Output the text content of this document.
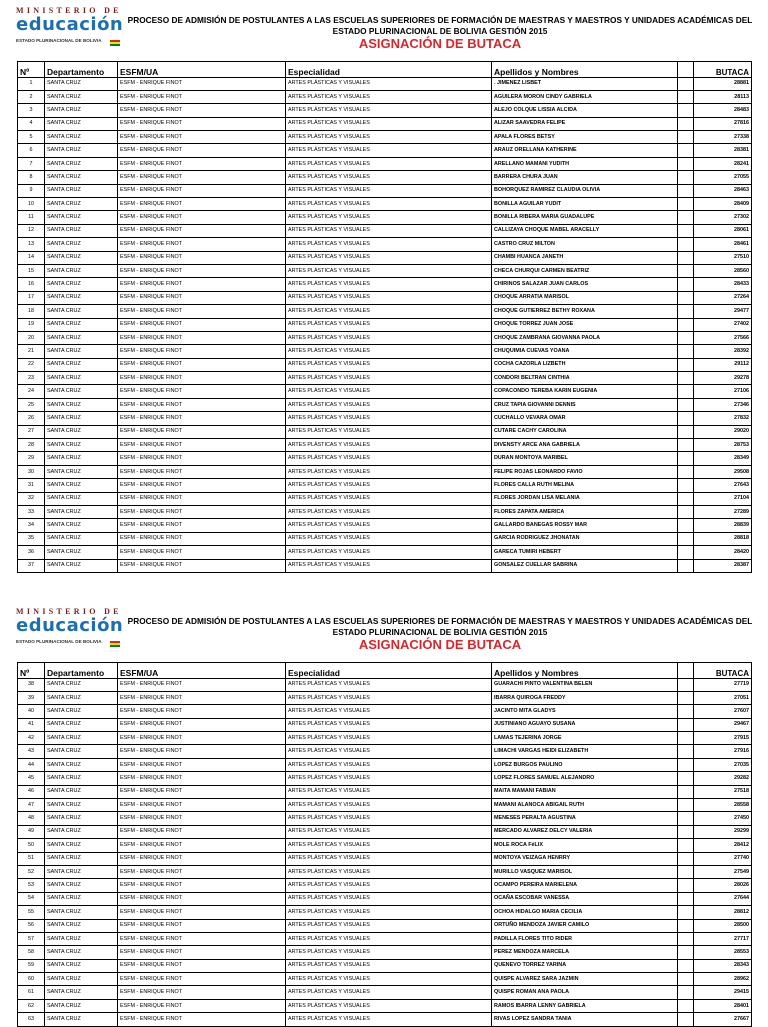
MINISTERIO DE
educación
ESTADO PLURINACIONAL DE BOLIVIA
PROCESO DE ADMISIÓN DE POSTULANTES A LAS ESCUELAS SUPERIORES DE FORMACIÓN DE MAESTRAS Y MAESTROS Y UNIDADES ACADÉMICAS DEL ESTADO PLURINACIONAL DE BOLIVIA GESTIÓN 2015
ASIGNACIÓN DE BUTACA
Nº	Departamento	ESFM/UA	Especialidad	Apellidos y Nombres		BUTACA
1	SANTA CRUZ	ESFM - ENRIQUE FINOT	ARTES PLÁSTICAS Y VISUALES	. JIMENEZ LISBET		28881
2	SANTA CRUZ	ESFM - ENRIQUE FINOT	ARTES PLÁSTICAS Y VISUALES	AGUILERA MORON CINDY GABRIELA		28113
3	SANTA CRUZ	ESFM - ENRIQUE FINOT	ARTES PLÁSTICAS Y VISUALES	ALEJO COLQUE LISSIA ALCIDA		28483
4	SANTA CRUZ	ESFM - ENRIQUE FINOT	ARTES PLÁSTICAS Y VISUALES	ALIZAR SAAVEDRA FELIPE		27816
5	SANTA CRUZ	ESFM - ENRIQUE FINOT	ARTES PLÁSTICAS Y VISUALES	APALA FLORES BETSY		27338
6	SANTA CRUZ	ESFM - ENRIQUE FINOT	ARTES PLÁSTICAS Y VISUALES	ARAUZ ORELLANA KATHERINE		28381
7	SANTA CRUZ	ESFM - ENRIQUE FINOT	ARTES PLÁSTICAS Y VISUALES	ARELLANO MAMANI YUDITH		28241
8	SANTA CRUZ	ESFM - ENRIQUE FINOT	ARTES PLÁSTICAS Y VISUALES	BARRERA CHURA JUAN		27055
9	SANTA CRUZ	ESFM - ENRIQUE FINOT	ARTES PLÁSTICAS Y VISUALES	BOHORQUEZ RAMIREZ CLAUDIA OLIVIA		28463
10	SANTA CRUZ	ESFM - ENRIQUE FINOT	ARTES PLÁSTICAS Y VISUALES	BONILLA AGUILAR YUDIT		28409
11	SANTA CRUZ	ESFM - ENRIQUE FINOT	ARTES PLÁSTICAS Y VISUALES	BONILLA RIBERA MARIA GUADALUPE		27302
12	SANTA CRUZ	ESFM - ENRIQUE FINOT	ARTES PLÁSTICAS Y VISUALES	CALLIZAYA CHOQUE MABEL ARACELLY		28061
13	SANTA CRUZ	ESFM - ENRIQUE FINOT	ARTES PLÁSTICAS Y VISUALES	CASTRO CRUZ MILTON		28461
14	SANTA CRUZ	ESFM - ENRIQUE FINOT	ARTES PLÁSTICAS Y VISUALES	CHAMBI HUANCA JANETH		27510
15	SANTA CRUZ	ESFM - ENRIQUE FINOT	ARTES PLÁSTICAS Y VISUALES	CHECA CHURQUI CARMEN BEATRIZ		28560
16	SANTA CRUZ	ESFM - ENRIQUE FINOT	ARTES PLÁSTICAS Y VISUALES	CHIRINOS SALAZAR JUAN CARLOS		28433
17	SANTA CRUZ	ESFM - ENRIQUE FINOT	ARTES PLÁSTICAS Y VISUALES	CHOQUE ARRATIA MARISOL		27264
18	SANTA CRUZ	ESFM - ENRIQUE FINOT	ARTES PLÁSTICAS Y VISUALES	CHOQUE GUTIERREZ BETHY ROXANA		29477
19	SANTA CRUZ	ESFM - ENRIQUE FINOT	ARTES PLÁSTICAS Y VISUALES	CHOQUE TORREZ JUAN JOSE		27402
20	SANTA CRUZ	ESFM - ENRIQUE FINOT	ARTES PLÁSTICAS Y VISUALES	CHOQUE ZAMBRANA GIOVANNA PAOLA		27566
21	SANTA CRUZ	ESFM - ENRIQUE FINOT	ARTES PLÁSTICAS Y VISUALES	CHUQUIMIA CUEVAS YOANA		28392
22	SANTA CRUZ	ESFM - ENRIQUE FINOT	ARTES PLÁSTICAS Y VISUALES	COCHA CAZORLA LIZBETH		29112
23	SANTA CRUZ	ESFM - ENRIQUE FINOT	ARTES PLÁSTICAS Y VISUALES	CONDORI BELTRAN CINTHIA		29278
24	SANTA CRUZ	ESFM - ENRIQUE FINOT	ARTES PLÁSTICAS Y VISUALES	COPACONDO TEREBA KARIN EUGENIA		27106
25	SANTA CRUZ	ESFM - ENRIQUE FINOT	ARTES PLÁSTICAS Y VISUALES	CRUZ TAPIA GIOVANNI DENNIS		27346
26	SANTA CRUZ	ESFM - ENRIQUE FINOT	ARTES PLÁSTICAS Y VISUALES	CUCHALLO VEVARA OMAR		27832
27	SANTA CRUZ	ESFM - ENRIQUE FINOT	ARTES PLÁSTICAS Y VISUALES	CUTARE CACHY CAROLINA		29020
28	SANTA CRUZ	ESFM - ENRIQUE FINOT	ARTES PLÁSTICAS Y VISUALES	DIVENSTY ARCE ANA GABRIELA		28753
29	SANTA CRUZ	ESFM - ENRIQUE FINOT	ARTES PLÁSTICAS Y VISUALES	DURAN MONTOYA MARIBEL		28349
30	SANTA CRUZ	ESFM - ENRIQUE FINOT	ARTES PLÁSTICAS Y VISUALES	FELIPE ROJAS LEONARDO FAVIO		29508
31	SANTA CRUZ	ESFM - ENRIQUE FINOT	ARTES PLÁSTICAS Y VISUALES	FLORES CALLA RUTH MELINA		27643
32	SANTA CRUZ	ESFM - ENRIQUE FINOT	ARTES PLÁSTICAS Y VISUALES	FLORES JORDAN LISA MELANIA		27104
33	SANTA CRUZ	ESFM - ENRIQUE FINOT	ARTES PLÁSTICAS Y VISUALES	FLORES ZAPATA AMERICA		27289
34	SANTA CRUZ	ESFM - ENRIQUE FINOT	ARTES PLÁSTICAS Y VISUALES	GALLARDO BANEGAS ROSSY MAR		28839
35	SANTA CRUZ	ESFM - ENRIQUE FINOT	ARTES PLÁSTICAS Y VISUALES	GARCIA RODRIGUEZ JHONATAN		28818
36	SANTA CRUZ	ESFM - ENRIQUE FINOT	ARTES PLÁSTICAS Y VISUALES	GARECA TUMIRI HEBERT		28420
37	SANTA CRUZ	ESFM - ENRIQUE FINOT	ARTES PLÁSTICAS Y VISUALES	GONSALEZ CUELLAR SABRINA		28387
MINISTERIO DE
educación
ESTADO PLURINACIONAL DE BOLIVIA
PROCESO DE ADMISIÓN DE POSTULANTES A LAS ESCUELAS SUPERIORES DE FORMACIÓN DE MAESTRAS Y MAESTROS Y UNIDADES ACADÉMICAS DEL ESTADO PLURINACIONAL DE BOLIVIA GESTIÓN 2015
ASIGNACIÓN DE BUTACA
Nº	Departamento	ESFM/UA	Especialidad	Apellidos y Nombres		BUTACA
38	SANTA CRUZ	ESFM - ENRIQUE FINOT	ARTES PLÁSTICAS Y VISUALES	GUARACHI PINTO VALENTINA BELEN		27719
39	SANTA CRUZ	ESFM - ENRIQUE FINOT	ARTES PLÁSTICAS Y VISUALES	IBARRA QUIROGA FREDDY		27051
40	SANTA CRUZ	ESFM - ENRIQUE FINOT	ARTES PLÁSTICAS Y VISUALES	JACINTO MITA GLADYS		27607
41	SANTA CRUZ	ESFM - ENRIQUE FINOT	ARTES PLÁSTICAS Y VISUALES	JUSTINIANO AGUAYO SUSANA		29467
42	SANTA CRUZ	ESFM - ENRIQUE FINOT	ARTES PLÁSTICAS Y VISUALES	LAMAS TEJERINA JORGE		27915
43	SANTA CRUZ	ESFM - ENRIQUE FINOT	ARTES PLÁSTICAS Y VISUALES	LIMACHI VARGAS HEIDI ELIZABETH		27916
44	SANTA CRUZ	ESFM - ENRIQUE FINOT	ARTES PLÁSTICAS Y VISUALES	LOPEZ BURGOS PAULINO		27035
45	SANTA CRUZ	ESFM - ENRIQUE FINOT	ARTES PLÁSTICAS Y VISUALES	LOPEZ FLORES SAMUEL ALEJANDRO		29282
46	SANTA CRUZ	ESFM - ENRIQUE FINOT	ARTES PLÁSTICAS Y VISUALES	MAITA MAMANI FABIAN		27518
47	SANTA CRUZ	ESFM - ENRIQUE FINOT	ARTES PLÁSTICAS Y VISUALES	MAMANI ALANOCA ABIGAIL RUTH		28558
48	SANTA CRUZ	ESFM - ENRIQUE FINOT	ARTES PLÁSTICAS Y VISUALES	MENESES PERALTA AGUSTINA		27450
49	SANTA CRUZ	ESFM - ENRIQUE FINOT	ARTES PLÁSTICAS Y VISUALES	MERCADO ALVAREZ DELCY VALERIA		29299
50	SANTA CRUZ	ESFM - ENRIQUE FINOT	ARTES PLÁSTICAS Y VISUALES	MOLE ROCA FéLIX		28412
51	SANTA CRUZ	ESFM - ENRIQUE FINOT	ARTES PLÁSTICAS Y VISUALES	MONTOYA VEIZAGA HENRRY		27740
52	SANTA CRUZ	ESFM - ENRIQUE FINOT	ARTES PLÁSTICAS Y VISUALES	MURILLO VASQUEZ MARISOL		27549
53	SANTA CRUZ	ESFM - ENRIQUE FINOT	ARTES PLÁSTICAS Y VISUALES	OCAMPO PEREIRA MARIELENA		28026
54	SANTA CRUZ	ESFM - ENRIQUE FINOT	ARTES PLÁSTICAS Y VISUALES	OCAÑA ESCOBAR VANESSA		27644
55	SANTA CRUZ	ESFM - ENRIQUE FINOT	ARTES PLÁSTICAS Y VISUALES	OCHOA HIDALGO MARIA CECILIA		28812
56	SANTA CRUZ	ESFM - ENRIQUE FINOT	ARTES PLÁSTICAS Y VISUALES	ORTUÑO MENDOZA JAVIER CAMILO		28500
57	SANTA CRUZ	ESFM - ENRIQUE FINOT	ARTES PLÁSTICAS Y VISUALES	PADILLA FLORES TITO RIDER		27717
58	SANTA CRUZ	ESFM - ENRIQUE FINOT	ARTES PLÁSTICAS Y VISUALES	PEREZ MENDOZA MARCELA		28553
59	SANTA CRUZ	ESFM - ENRIQUE FINOT	ARTES PLÁSTICAS Y VISUALES	QUENEVO TORREZ YARINA		28343
60	SANTA CRUZ	ESFM - ENRIQUE FINOT	ARTES PLÁSTICAS Y VISUALES	QUISPE ALVAREZ SARA JAZMIN		28962
61	SANTA CRUZ	ESFM - ENRIQUE FINOT	ARTES PLÁSTICAS Y VISUALES	QUISPE ROMAN ANA PAOLA		29415
62	SANTA CRUZ	ESFM - ENRIQUE FINOT	ARTES PLÁSTICAS Y VISUALES	RAMOS IBARRA LENNY GABRIELA		28401
63	SANTA CRUZ	ESFM - ENRIQUE FINOT	ARTES PLÁSTICAS Y VISUALES	RIVAS LOPEZ SANDRA TANIA		27667
